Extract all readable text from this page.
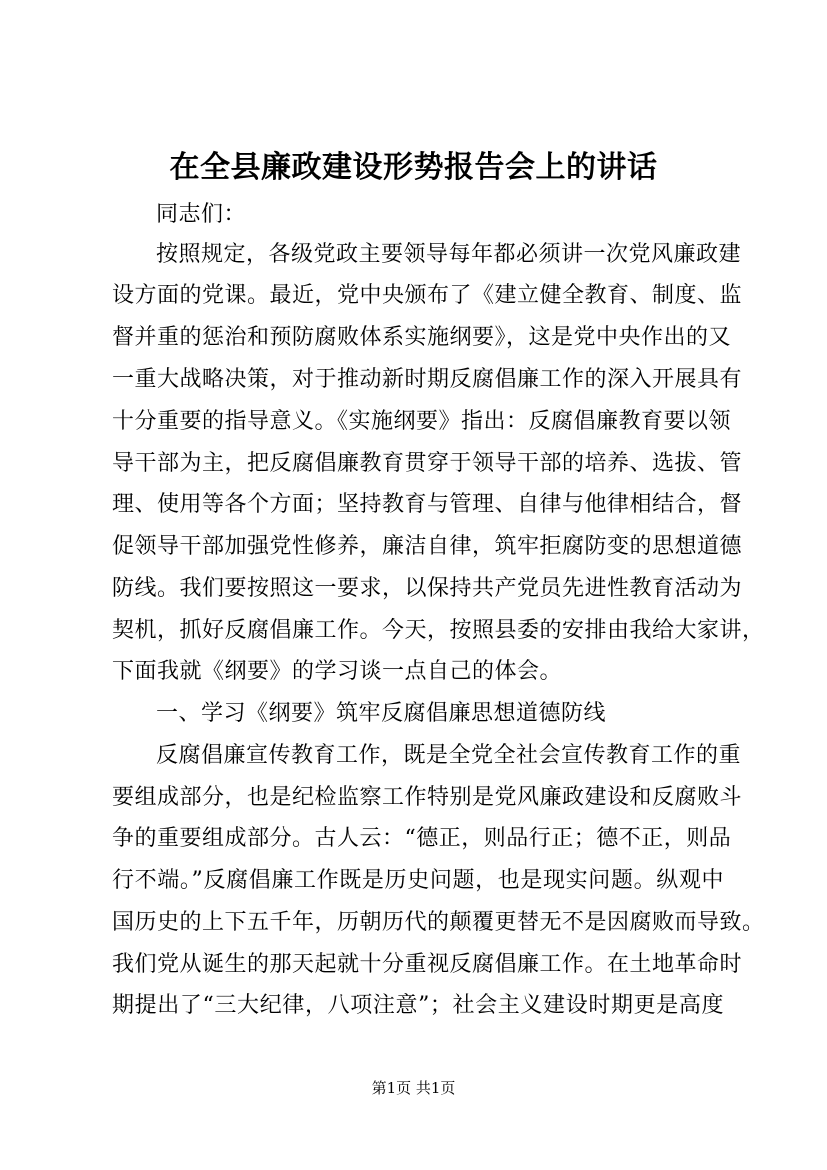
在全县廉政建设形势报告会上的讲话
同志们：
按照规定，各级党政主要领导每年都必须讲一次党风廉政建
设方面的党课。最近，党中央颁布了《建立健全教育、制度、监
督并重的惩治和预防腐败体系实施纲要》，这是党中央作出的又
一重大战略决策，对于推动新时期反腐倡廉工作的深入开展具有
十分重要的指导意义。《实施纲要》指出：反腐倡廉教育要以领
导干部为主，把反腐倡廉教育贯穿于领导干部的培养、选拔、管
理、使用等各个方面；坚持教育与管理、自律与他律相结合，督
促领导干部加强党性修养，廉洁自律，筑牢拒腐防变的思想道德
防线。我们要按照这一要求，以保持共产党员先进性教育活动为
契机，抓好反腐倡廉工作。今天，按照县委的安排由我给大家讲，
下面我就《纲要》的学习谈一点自己的体会。
一、学习《纲要》筑牢反腐倡廉思想道德防线
反腐倡廉宣传教育工作，既是全党全社会宣传教育工作的重
要组成部分，也是纪检监察工作特别是党风廉政建设和反腐败斗
争的重要组成部分。古人云：“德正，则品行正；德不正，则品
行不端。”反腐倡廉工作既是历史问题，也是现实问题。纵观中
国历史的上下五千年，历朝历代的颠覆更替无不是因腐败而导致。
我们党从诞生的那天起就十分重视反腐倡廉工作。在土地革命时
期提出了“三大纪律，八项注意”；社会主义建设时期更是高度
第1页 共1页
